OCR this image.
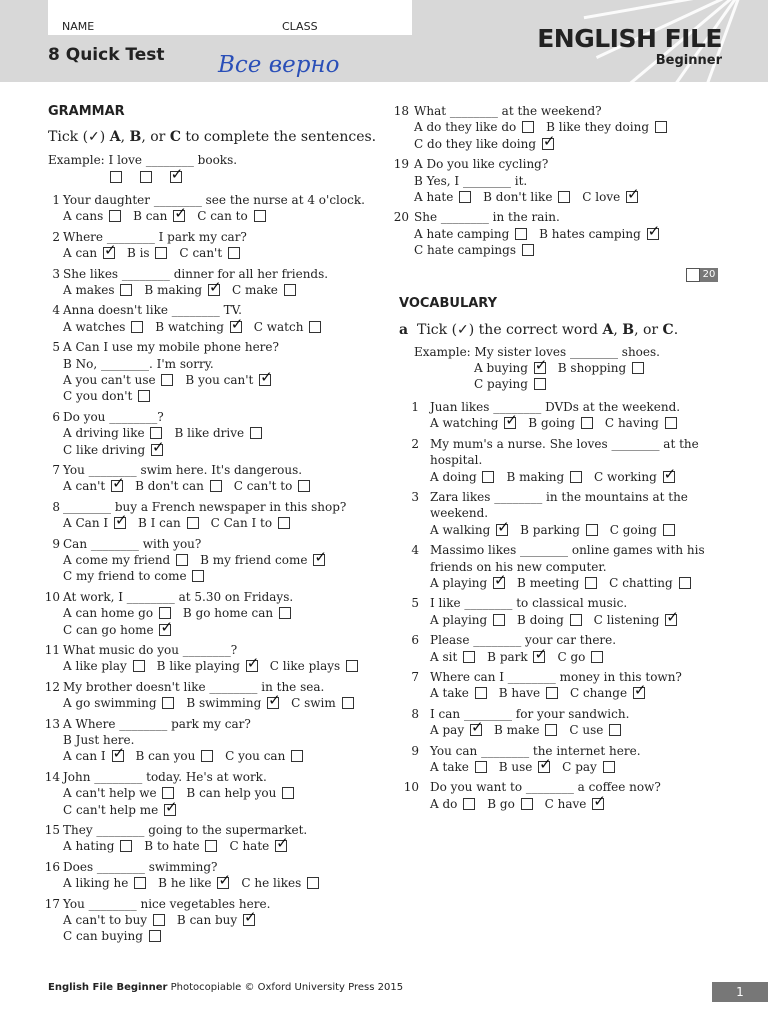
NAME	CLASS
8 Quick Test Все верно
ENGLISH FILE
Beginner
GRAMMAR
Tick (✓) A, B, or C to complete the sentences.
Example: I love ________ books.
✓
1 Your daughter ________ see the nurse at 4 o'clock.
A cans B can ✓ C can to
2 Where ________ I park my car?
A can ✓ B is C can't
3 She likes ________ dinner for all her friends.
A makes B making ✓ C make
4 Anna doesn't like ________ TV.
A watches B watching ✓ C watch
5 A Can I use my mobile phone here?
B No, ________. I'm sorry.
A you can't use B you can't ✓
C you don't
6 Do you ________?
A driving like B like drive
C like driving ✓
7 You ________ swim here. It's dangerous.
A can't ✓ B don't can C can't to
8 ________ buy a French newspaper in this shop?
A Can I ✓ B I can C Can I to
9 Can ________ with you?
A come my friend B my friend come ✓
C my friend to come
10 At work, I ________ at 5.30 on Fridays.
A can home go B go home can
C can go home ✓
11 What music do you ________?
A like play B like playing ✓ C like plays
12 My brother doesn't like ________ in the sea.
A go swimming B swimming ✓ C swim
13 A Where ________ park my car?
B Just here.
A can I ✓ B can you C you can
14 John ________ today. He's at work.
A can't help we B can help you
C can't help me ✓
15 They ________ going to the supermarket.
A hating B to hate C hate ✓
16 Does ________ swimming?
A liking he B he like ✓ C he likes
17 You ________ nice vegetables here.
A can't to buy B can buy ✓
C can buying
18 What ________ at the weekend?
A do they like do B like they doing
C do they like doing ✓
19 A Do you like cycling?
B Yes, I ________ it.
A hate B don't like C love ✓
20 She ________ in the rain.
A hate camping B hates camping ✓
C hate campings
20
VOCABULARY
a Tick (✓) the correct word A, B, or C.
Example: My sister loves ________ shoes.
A buying ✓ B shopping
C paying
1 Juan likes ________ DVDs at the weekend.
A watching ✓ B going C having
2 My mum's a nurse. She loves ________ at the
hospital.
A doing B making C working ✓
3 Zara likes ________ in the mountains at the
weekend.
A walking ✓ B parking C going
4 Massimo likes ________ online games with his
friends on his new computer.
A playing ✓ B meeting C chatting
5 I like ________ to classical music.
A playing B doing C listening ✓
6 Please ________ your car there.
A sit B park ✓ C go
7 Where can I ________ money in this town?
A take B have C change ✓
8 I can ________ for your sandwich.
A pay ✓ B make C use
9 You can ________ the internet here.
A take B use ✓ C pay
10 Do you want to ________ a coffee now?
A do B go C have ✓
English File Beginner Photocopiable © Oxford University Press 2015	1
